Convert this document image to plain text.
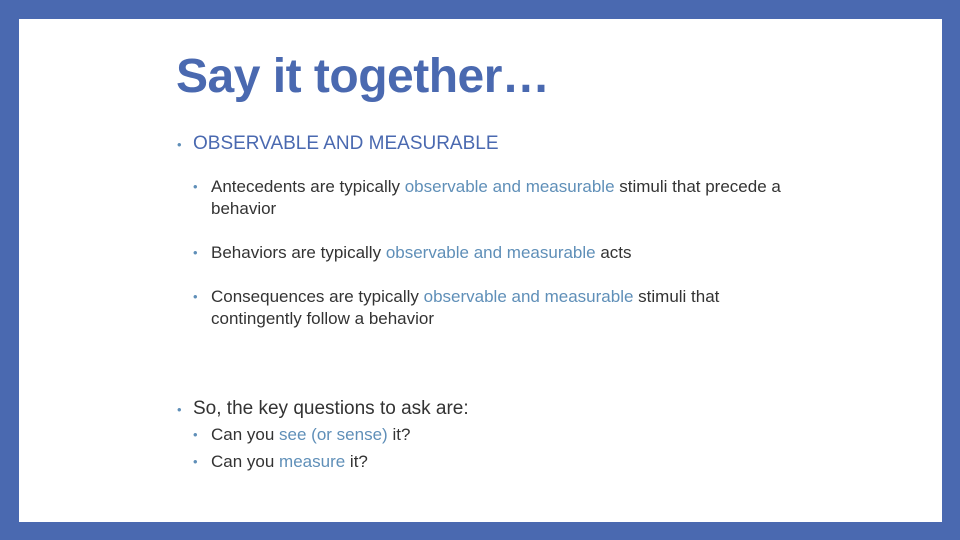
Say it together…
• OBSERVABLE AND MEASURABLE
• Antecedents are typically observable and measurable stimuli that precede a behavior
• Behaviors are typically observable and measurable acts
• Consequences are typically observable and measurable stimuli that contingently follow a behavior
• So, the key questions to ask are:
• Can you see (or sense) it?
• Can you measure it?
